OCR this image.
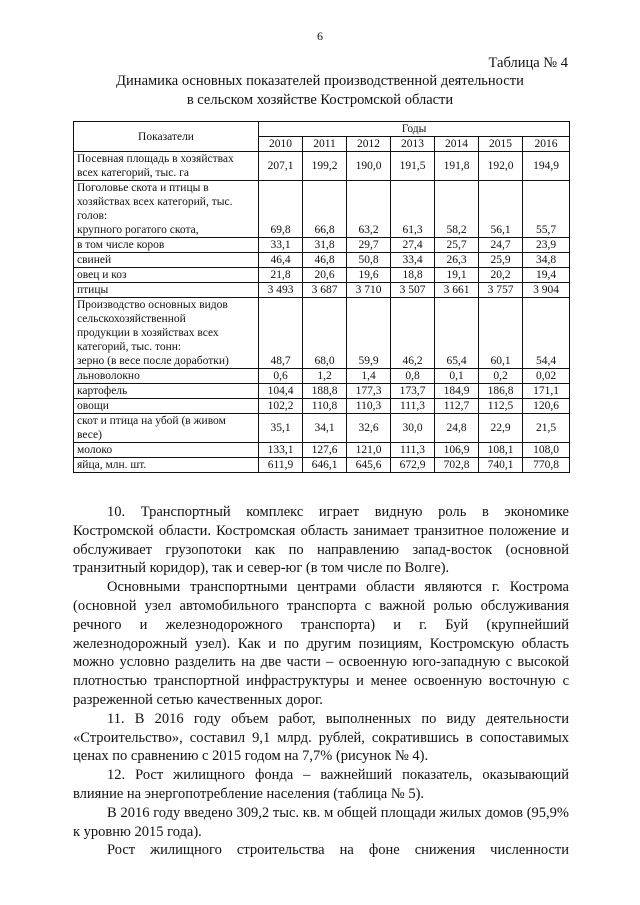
6
Таблица № 4
Динамика основных показателей производственной деятельности
в сельском хозяйстве Костромской области
Показатели	Годы						
	2010	2011	2012	2013	2014	2015	2016

Посевная площадь в хозяйствах
всех категорий, тыс. га	207,1	199,2	190,0	191,5	191,8	192,0	194,9

Поголовье скота и птицы в
хозяйствах всех категорий, тыс.
голов:
крупного рогатого скота,	69,8	66,8	63,2	61,3	58,2	56,1	55,7

в том числе коров	33,1	31,8	29,7	27,4	25,7	24,7	23,9

свиней	46,4	46,8	50,8	33,4	26,3	25,9	34,8

овец и коз	21,8	20,6	19,6	18,8	19,1	20,2	19,4

птицы	3 493	3 687	3 710	3 507	3 661	3 757	3 904

Производство основных видов
сельскохозяйственной
продукции в хозяйствах всех
категорий, тыс. тонн:
зерно (в весе после доработки)	48,7	68,0	59,9	46,2	65,4	60,1	54,4

льноволокно	0,6	1,2	1,4	0,8	0,1	0,2	0,02

картофель	104,4	188,8	177,3	173,7	184,9	186,8	171,1

овощи	102,2	110,8	110,3	111,3	112,7	112,5	120,6

скот и птица на убой (в живом
весе)	35,1	34,1	32,6	30,0	24,8	22,9	21,5

молоко	133,1	127,6	121,0	111,3	106,9	108,1	108,0

яйца, млн. шт.	611,9	646,1	645,6	672,9	702,8	740,1	770,8

10. Транспортный комплекс играет видную роль в экономике Костромской области. Костромская область занимает транзитное положение и обслуживает грузопотоки как по направлению запад-восток (основной транзитный коридор), так и север-юг (в том числе по Волге).

Основными транспортными центрами области являются г. Кострома (основной узел автомобильного транспорта с важной ролью обслуживания речного и железнодорожного транспорта) и г. Буй (крупнейший железнодорожный узел). Как и по другим позициям, Костромскую область можно условно разделить на две части – освоенную юго-западную с высокой плотностью транспортной инфраструктуры и менее освоенную восточную с разреженной сетью качественных дорог.

11. В 2016 году объем работ, выполненных по виду деятельности «Строительство», составил 9,1 млрд. рублей, сократившись в сопоставимых ценах по сравнению с 2015 годом на 7,7% (рисунок № 4).

12. Рост жилищного фонда – важнейший показатель, оказывающий влияние на энергопотребление населения (таблица № 5).

В 2016 году введено 309,2 тыс. кв. м общей площади жилых домов (95,9% к уровню 2015 года).

Рост жилищного строительства на фоне снижения численности
